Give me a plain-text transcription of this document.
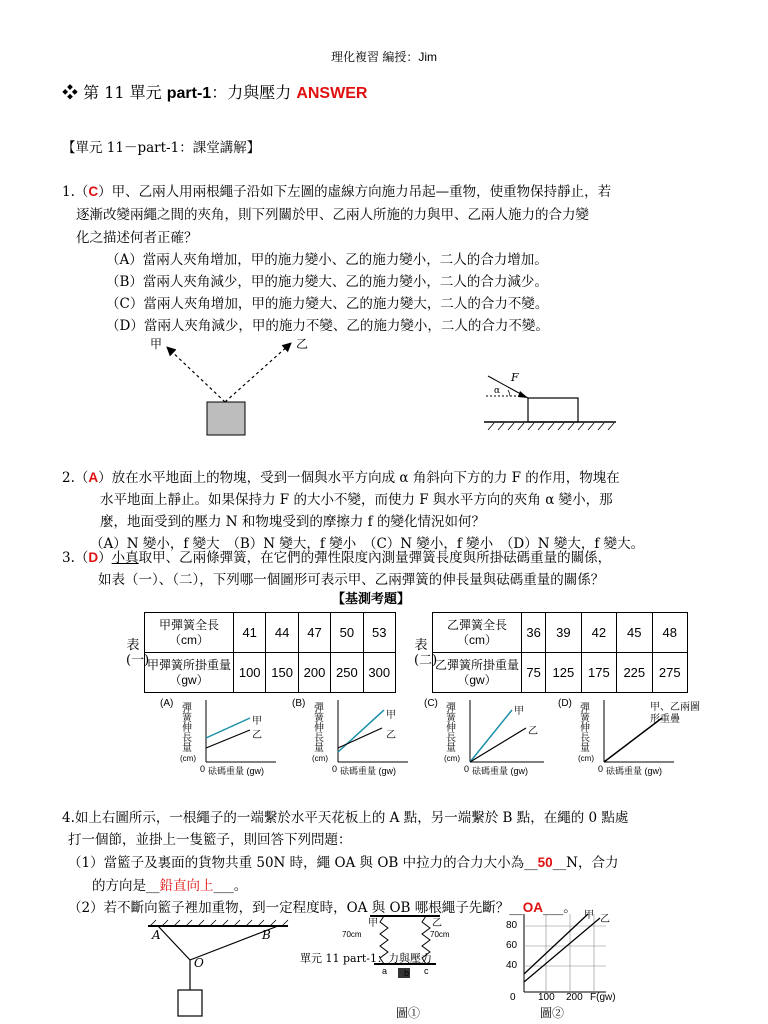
理化複習 編授：Jim
❖ 第 11 單元 part-1：力與壓力 ANSWER
【單元 11－part-1：課堂講解】
1.（C）甲、乙兩人用兩根繩子沿如下左圖的虛線方向施力吊起—重物，使重物保持靜止，若
逐漸改變兩繩之間的夾角，則下列關於甲、乙兩人所施的力與甲、乙兩人施力的合力變
化之描述何者正確？
（A）當兩人夾角增加，甲的施力變小、乙的施力變小，二人的合力增加。
（B）當兩人夾角減少，甲的施力變大、乙的施力變小，二人的合力減少。
（C）當兩人夾角增加，甲的施力變大、乙的施力變大，二人的合力不變。
（D）當兩人夾角減少，甲的施力不變、乙的施力變小，二人的合力不變。
甲	乙
F
α
2.（A）放在水平地面上的物塊，受到一個與水平方向成 α 角斜向下方的力 F 的作用，物塊在
水平地面上靜止。如果保持力 F 的大小不變，而使力 F 與水平方向的夾角 α 變小，那
麼，地面受到的壓力 N 和物塊受到的摩擦力 f 的變化情況如何？
（A）N 變小，f 變大　（B）N 變大，f 變小　（C）N 變小，f 變小　（D）N 變大，f 變大。
3.（D）小真取甲、乙兩條彈簧，在它們的彈性限度內測量彈簧長度與所掛砝碼重量的關係，
如表（一）、（二），下列哪一個圖形可表示甲、乙兩彈簧的伸長量與砝碼重量的關係？
【基測考題】
表(一)
甲彈簧全長（cm）	41	44	47	50	53
甲彈簧所掛重量（gw）	100	150	200	250	300
表(二)
乙彈簧全長（cm）	36	39	42	45	48
乙彈簧所掛重量（gw）	75	125	175	225	275
(A) 彈簧伸長量
(cm)
0 砝碼重量 (gw)
甲
乙
(B) 彈簧伸長量
(cm)
0 砝碼重量 (gw)
甲
乙
(C) 彈簧伸長量
(cm)
0 砝碼重量 (gw)
甲
乙
(D) 彈簧伸長量
(cm)
0 砝碼重量 (gw)
甲、乙兩圖形重疊
4.如上右圖所示，一根繩子的一端繫於水平天花板上的 A 點，另一端繫於 B 點，在繩的 0 點處
打一個節，並掛上一隻籃子，則回答下列問題：
（1）當籃子及裏面的貨物共重 50N 時，繩 OA 與 OB 中拉力的合力大小為__50__N，合力
的方向是__鉛直向上___。
（2）若不斷向籃子裡加重物，到一定程度時，OA 與 OB 哪根繩子先斷？__OA___。
A	B
O
甲	乙
70cm	70cm
a b c
圖①
80
60
40
0 100 200 F(gw)
甲 乙
圖②
單元 11 part-1：力與壓力
